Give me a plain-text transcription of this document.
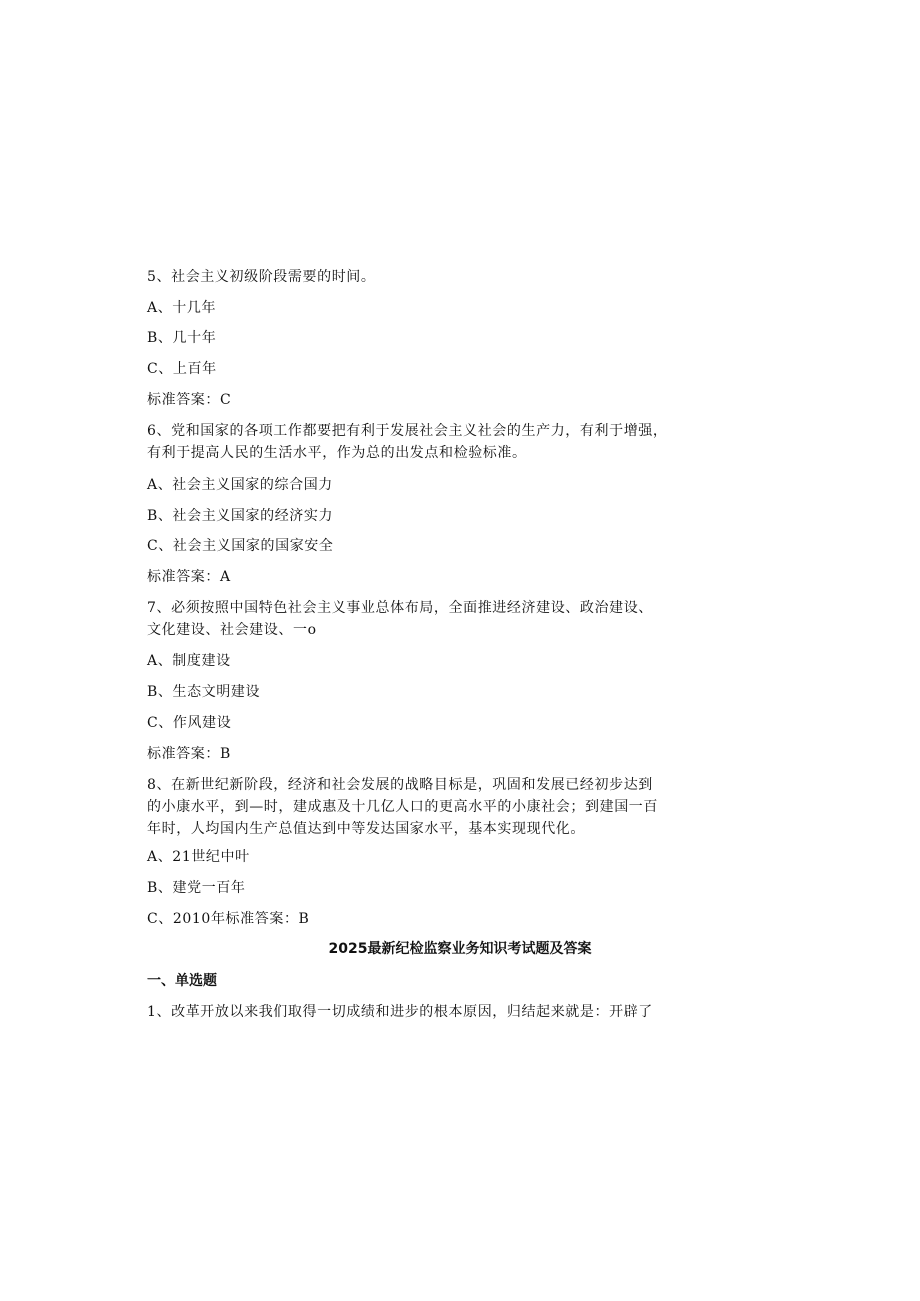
5、社会主义初级阶段需要的时间。
A、十几年
B、几十年
C、上百年
标准答案：C
6、党和国家的各项工作都要把有利于发展社会主义社会的生产力，有利于增强，
有利于提高人民的生活水平，作为总的出发点和检验标准。
A、社会主义国家的综合国力
B、社会主义国家的经济实力
C、社会主义国家的国家安全
标准答案：A
7、必须按照中国特色社会主义事业总体布局，全面推进经济建设、政治建设、
文化建设、社会建设、一o
A、制度建设
B、生态文明建设
C、作风建设
标准答案：B
8、在新世纪新阶段，经济和社会发展的战略目标是，巩固和发展已经初步达到
的小康水平，到—时，建成惠及十几亿人口的更高水平的小康社会；到建国一百
年时，人均国内生产总值达到中等发达国家水平，基本实现现代化。
A、21世纪中叶
B、建党一百年
C、2010年标准答案：B
2025最新纪检监察业务知识考试题及答案
一、单选题
1、改革开放以来我们取得一切成绩和进步的根本原因，归结起来就是：开辟了
